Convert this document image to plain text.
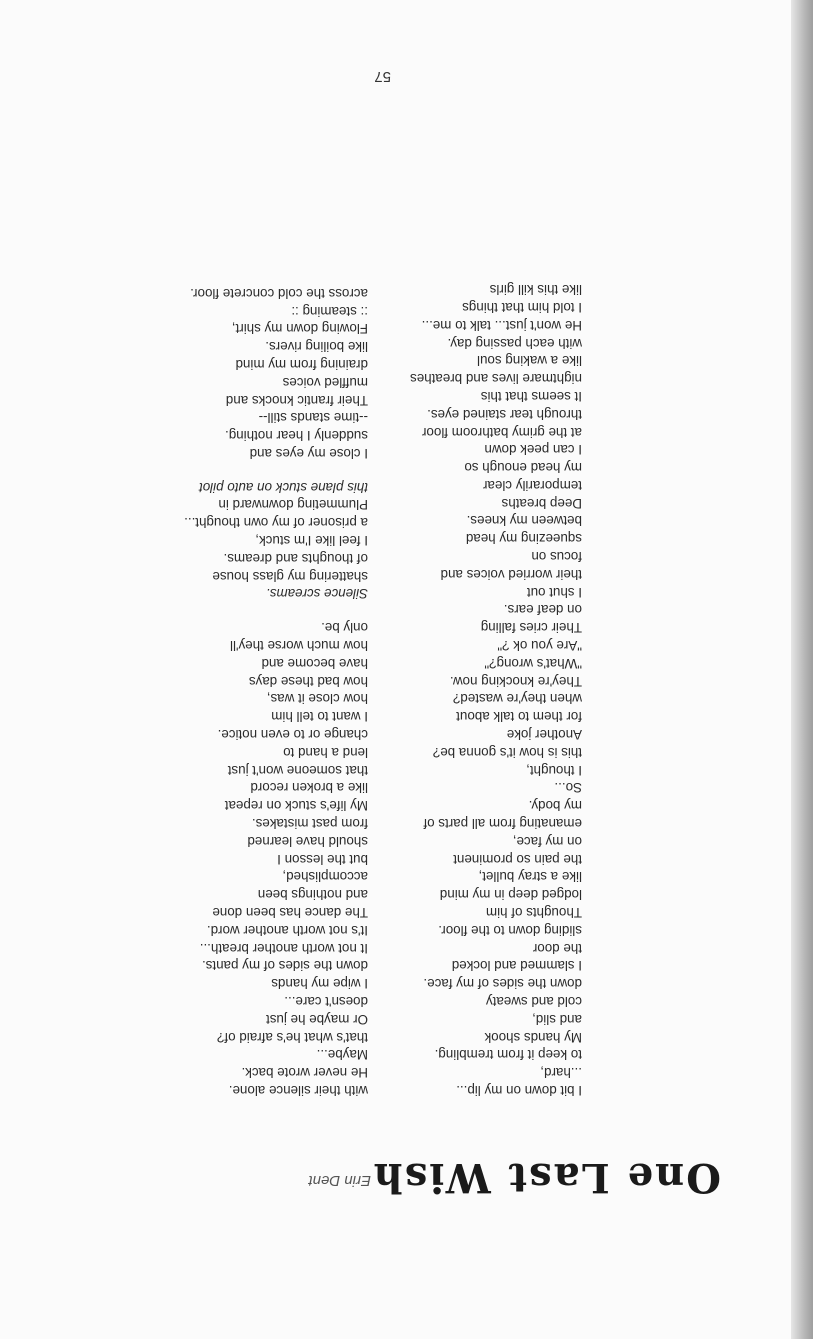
One Last Wish
Erin Dent
I bit down on my lip...
...hard,
to keep it from trembling.
My hands shook
and slid,
cold and sweaty
down the sides of my face.
I slammed and locked
the door
sliding down to the floor.
Thoughts of him
lodged deep in my mind
like a stray bullet,
the pain so prominent
on my face,
emanating from all parts of
my body.
So...
I thought,
this is how it's gonna be?
Another joke
for them to talk about
when they're wasted?
They're knocking now.
"What's wrong?"
"Are you ok ?"
Their cries falling
on deaf ears.
I shut out
their worried voices and
focus on
squeezing my head
between my knees.
Deep breaths
temporarily clear
my head enough so
I can peek down
at the grimy bathroom floor
through tear stained eyes.
It seems that this
nightmare lives and breathes
like a waking soul
with each passing day.
He won't just... talk to me...
I told him that things
like this kill girls
with their silence alone.
He never wrote back.
Maybe...
that's what he's afraid of?
Or maybe he just
doesn't care...
I wipe my hands
down the sides of my pants.
It not worth another breath...
It's not worth another word.
The dance has been done
and nothings been
accomplished,
but the lesson I
should have learned
from past mistakes.
My life's stuck on repeat
like a broken record
that someone won't just
lend a hand to
change or to even notice.
I want to tell him
how close it was,
how bad these days
have become and
how much worse they'll
only be.
Silence screams.
shattering my glass house
of thoughts and dreams.
I feel like I'm stuck,
a prisoner of my own thought...
Plummeting downward in
this plane stuck on auto pilot
I close my eyes and
suddenly I hear nothing.
--time stands still--
Their frantic knocks and
muffled voices
draining from my mind
like boiling rivers.
Flowing down my shirt,
:: steaming ::
across the cold concrete floor.
57
